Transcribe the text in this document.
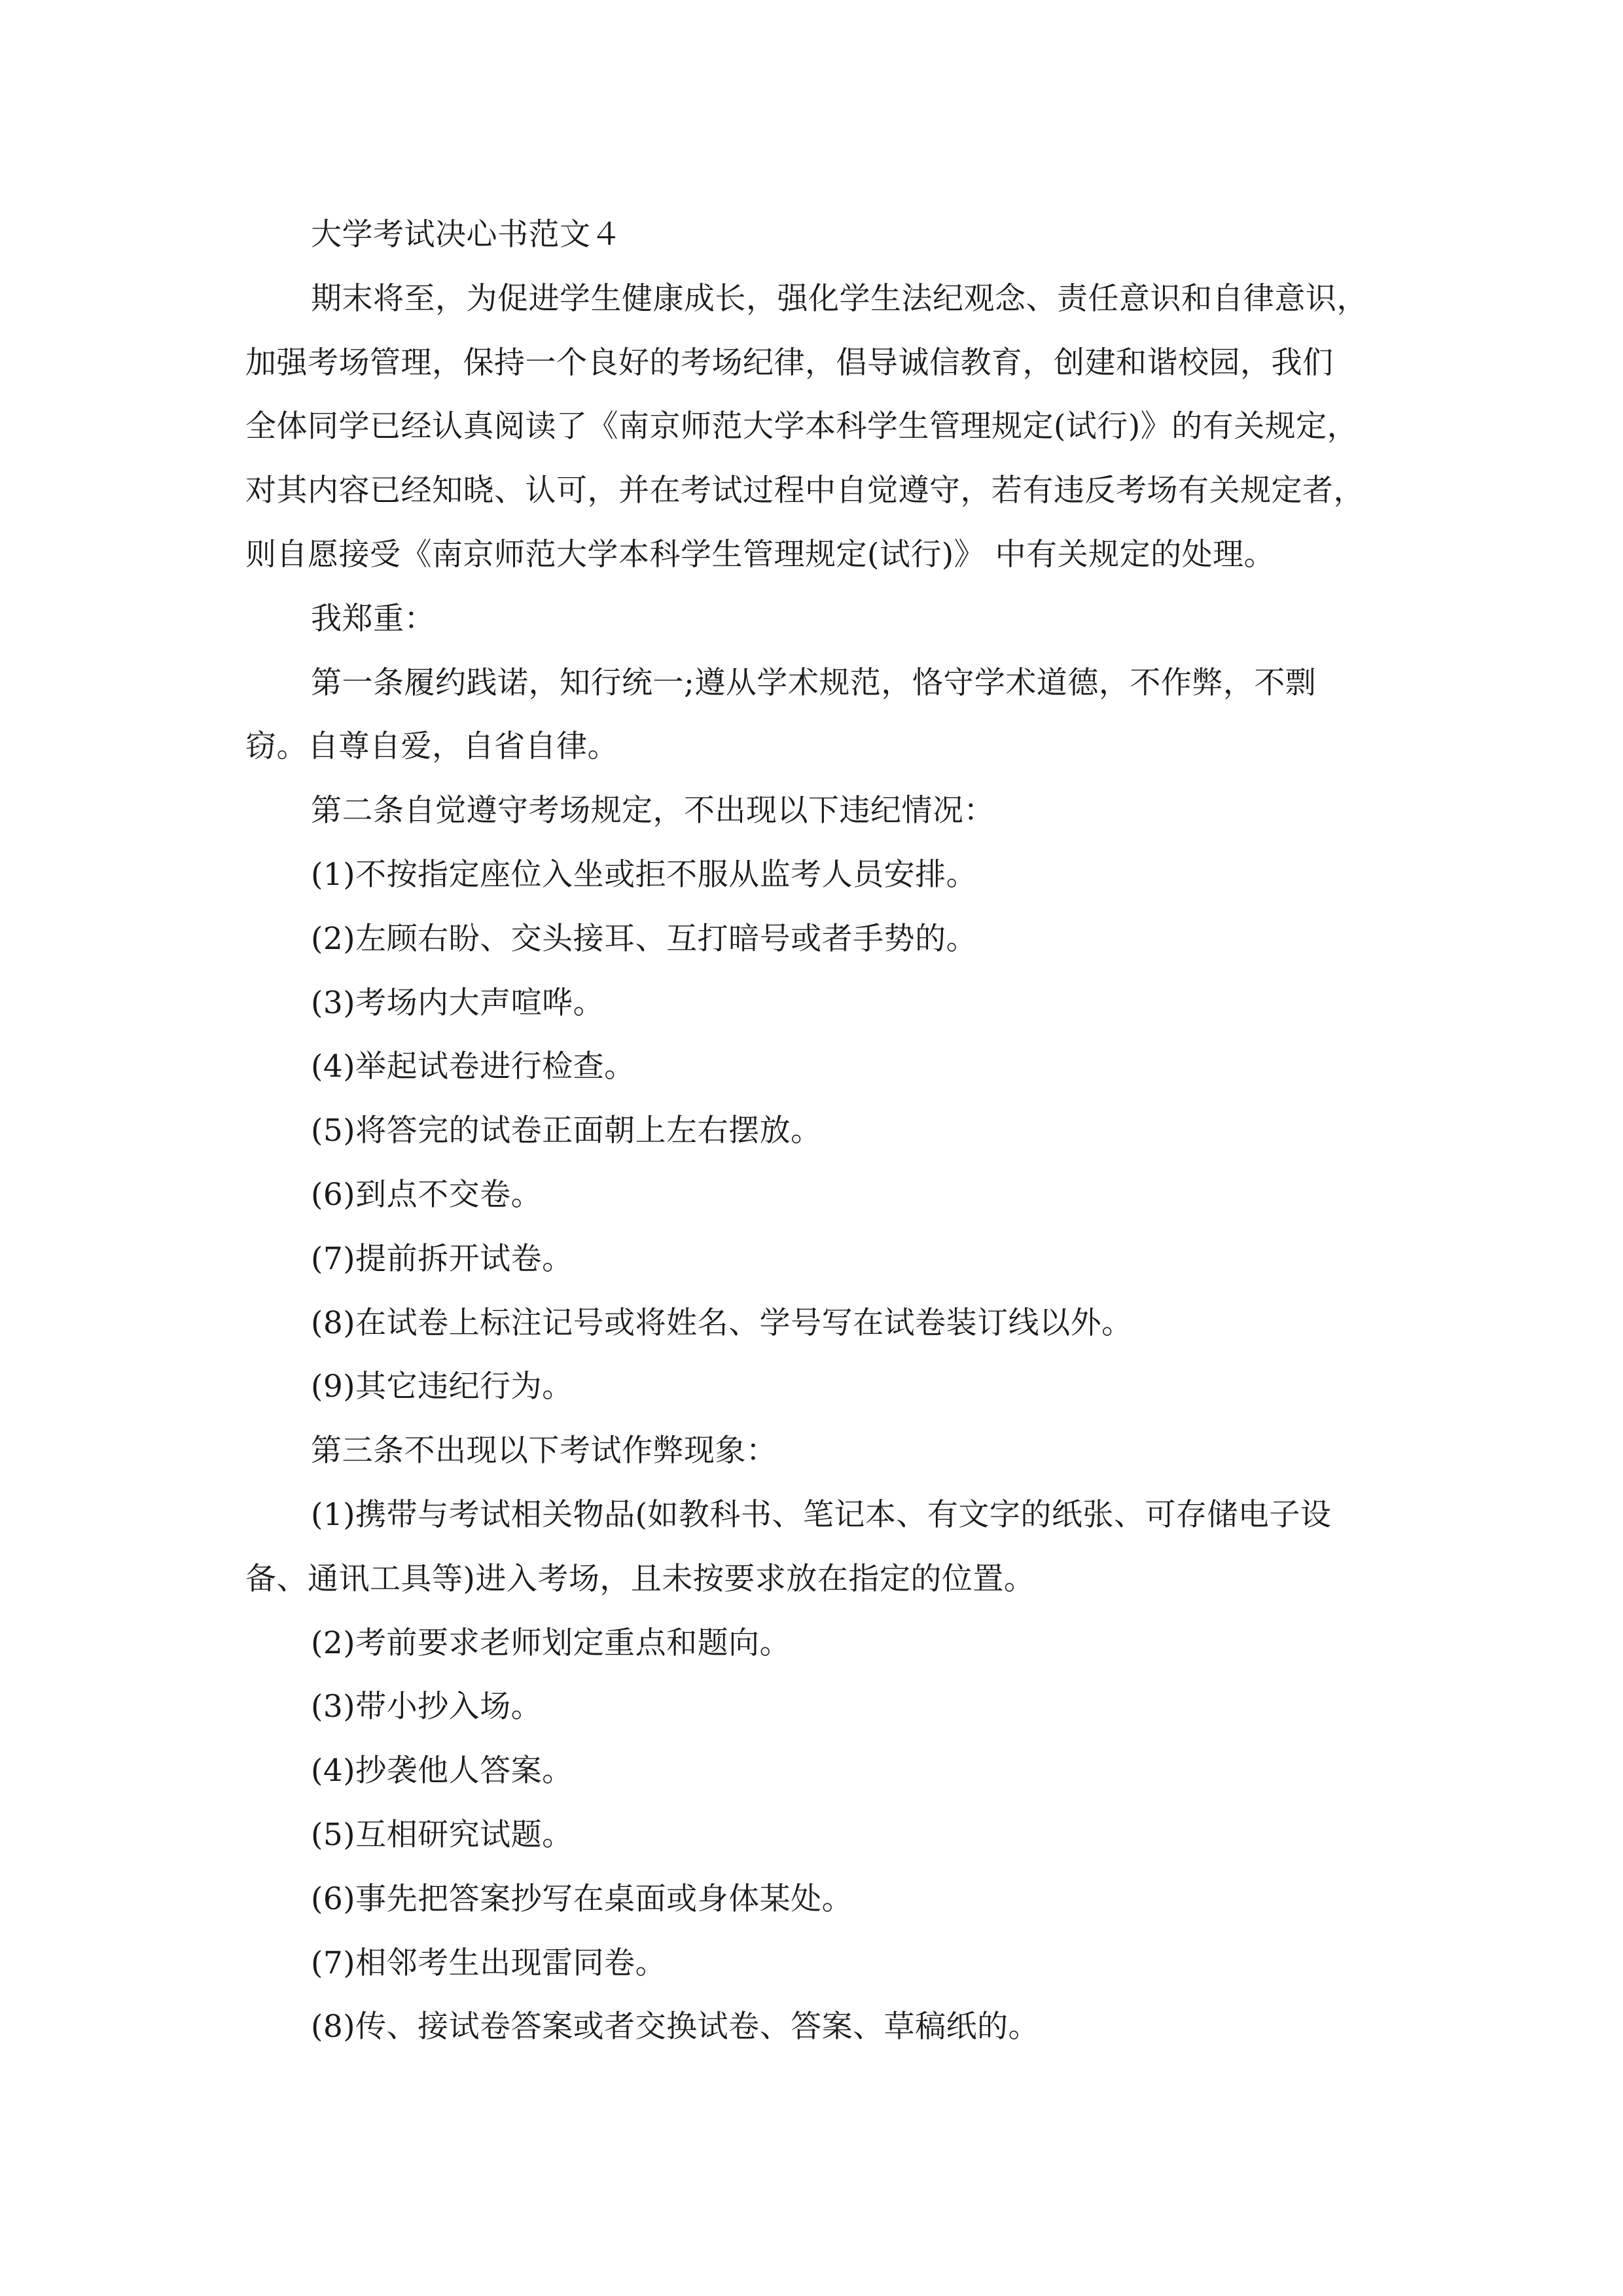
大学考试决心书范文４
期末将至，为促进学生健康成长，强化学生法纪观念、责任意识和自律意识，
加强考场管理，保持一个良好的考场纪律，倡导诚信教育，创建和谐校园，我们
全体同学已经认真阅读了《南京师范大学本科学生管理规定(试行)》的有关规定，
对其内容已经知晓、认可，并在考试过程中自觉遵守，若有违反考场有关规定者，
则自愿接受《南京师范大学本科学生管理规定(试行)》 中有关规定的处理。
我郑重：
第一条履约践诺，知行统一;遵从学术规范，恪守学术道德，不作弊，不剽
窃。自尊自爱，自省自律。
第二条自觉遵守考场规定，不出现以下违纪情况：
(1)不按指定座位入坐或拒不服从监考人员安排。
(2)左顾右盼、交头接耳、互打暗号或者手势的。
(3)考场内大声喧哗。
(4)举起试卷进行检查。
(5)将答完的试卷正面朝上左右摆放。
(6)到点不交卷。
(7)提前拆开试卷。
(8)在试卷上标注记号或将姓名、学号写在试卷装订线以外。
(9)其它违纪行为。
第三条不出现以下考试作弊现象：
(1)携带与考试相关物品(如教科书、笔记本、有文字的纸张、可存储电子设
备、通讯工具等)进入考场，且未按要求放在指定的位置。
(2)考前要求老师划定重点和题向。
(3)带小抄入场。
(4)抄袭他人答案。
(5)互相研究试题。
(6)事先把答案抄写在桌面或身体某处。
(7)相邻考生出现雷同卷。
(8)传、接试卷答案或者交换试卷、答案、草稿纸的。
